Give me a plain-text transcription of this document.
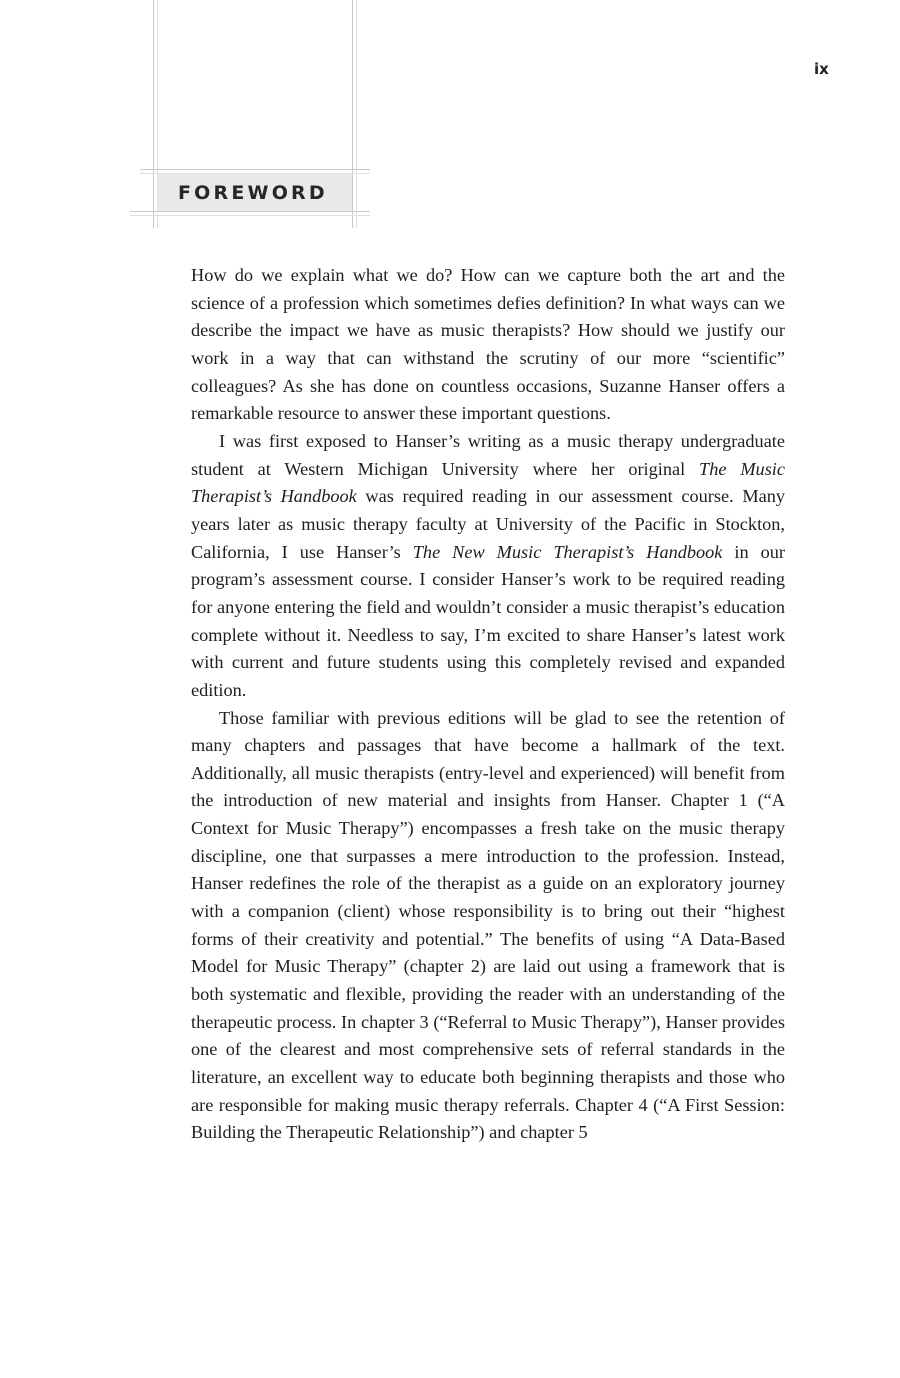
ix
FOREWORD

How do we explain what we do? How can we capture both the art and the science of a profession which sometimes defies definition? In what ways can we describe the impact we have as music therapists? How should we justify our work in a way that can withstand the scrutiny of our more “scientific” colleagues? As she has done on countless occasions, Suzanne Hanser offers a remarkable resource to answer these important questions.

I was first exposed to Hanser’s writing as a music therapy undergraduate student at Western Michigan University where her original The Music Therapist’s Handbook was required reading in our assessment course. Many years later as music therapy faculty at University of the Pacific in Stockton, California, I use Hanser’s The New Music Therapist’s Handbook in our program’s assessment course. I consider Hanser’s work to be required reading for anyone entering the field and wouldn’t consider a music therapist’s education complete without it. Needless to say, I’m excited to share Hanser’s latest work with current and future students using this completely revised and expanded edition.

Those familiar with previous editions will be glad to see the retention of many chapters and passages that have become a hallmark of the text. Additionally, all music therapists (entry-level and experienced) will benefit from the introduction of new material and insights from Hanser. Chapter 1 (“A Context for Music Therapy”) encompasses a fresh take on the music therapy discipline, one that surpasses a mere introduction to the profession. Instead, Hanser redefines the role of the therapist as a guide on an exploratory journey with a companion (client) whose responsibility is to bring out their “highest forms of their creativity and potential.” The benefits of using “A Data-Based Model for Music Therapy” (chapter 2) are laid out using a framework that is both systematic and flexible, providing the reader with an understanding of the therapeutic process. In chapter 3 (“Referral to Music Therapy”), Hanser provides one of the clearest and most comprehensive sets of referral standards in the literature, an excellent way to educate both beginning therapists and those who are responsible for making music therapy referrals. Chapter 4 (“A First Session: Building the Therapeutic Relationship”) and chapter 5
